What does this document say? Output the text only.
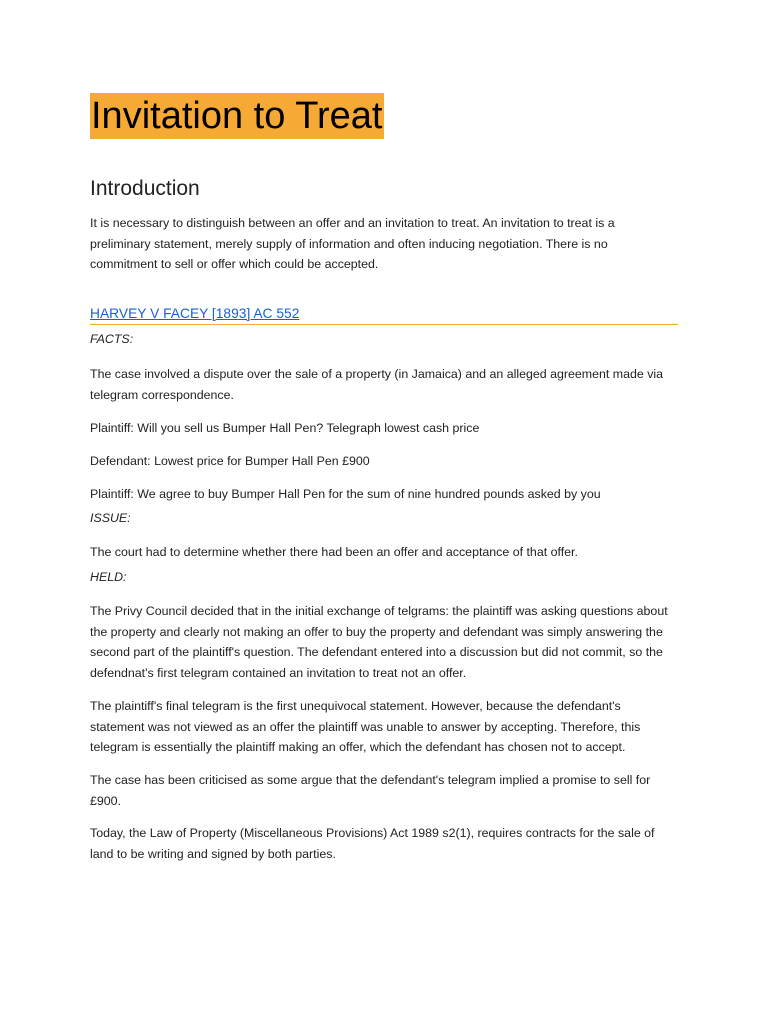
Invitation to Treat
Introduction

It is necessary to distinguish between an offer and an invitation to treat. An invitation to treat is a preliminary statement, merely supply of information and often inducing negotiation. There is no commitment to sell or offer which could be accepted.

HARVEY V FACEY [1893] AC 552
FACTS:

The case involved a dispute over the sale of a property (in Jamaica) and an alleged agreement made via telegram correspondence.

Plaintiff: Will you sell us Bumper Hall Pen? Telegraph lowest cash price

Defendant: Lowest price for Bumper Hall Pen £900

Plaintiff: We agree to buy Bumper Hall Pen for the sum of nine hundred pounds asked by you

ISSUE:

The court had to determine whether there had been an offer and acceptance of that offer.

HELD:

The Privy Council decided that in the initial exchange of telgrams: the plaintiff was asking questions about the property and clearly not making an offer to buy the property and defendant was simply answering the second part of the plaintiff's question. The defendant entered into a discussion but did not commit, so the defendnat's first telegram contained an invitation to treat not an offer.

The plaintiff's final telegram is the first unequivocal statement. However, because the defendant's statement was not viewed as an offer the plaintiff was unable to answer by accepting. Therefore, this telegram is essentially the plaintiff making an offer, which the defendant has chosen not to accept.

The case has been criticised as some argue that the defendant's telegram implied a promise to sell for £900.

Today, the Law of Property (Miscellaneous Provisions) Act 1989 s2(1), requires contracts for the sale of land to be writing and signed by both parties.
